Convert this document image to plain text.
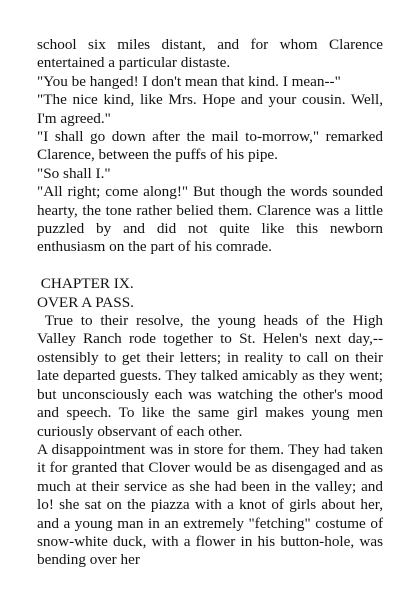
school six miles distant, and for whom Clarence entertained a particular distaste.

"You be hanged! I don't mean that kind. I mean--"

"The nice kind, like Mrs. Hope and your cousin. Well, I'm agreed."

"I shall go down after the mail to-morrow," remarked Clarence, between the puffs of his pipe.

"So shall I."

"All right; come along!" But though the words sounded hearty, the tone rather belied them. Clarence was a little puzzled by and did not quite like this newborn enthusiasm on the part of his comrade.

CHAPTER IX.

OVER A PASS.

True to their resolve, the young heads of the High Valley Ranch rode together to St. Helen's next day,--ostensibly to get their letters; in reality to call on their late departed guests. They talked amicably as they went; but unconsciously each was watching the other's mood and speech. To like the same girl makes young men curiously observant of each other.

A disappointment was in store for them. They had taken it for granted that Clover would be as disengaged and as much at their service as she had been in the valley; and lo! she sat on the piazza with a knot of girls about her, and a young man in an extremely "fetching" costume of snow-white duck, with a flower in his button-hole, was bending over her
